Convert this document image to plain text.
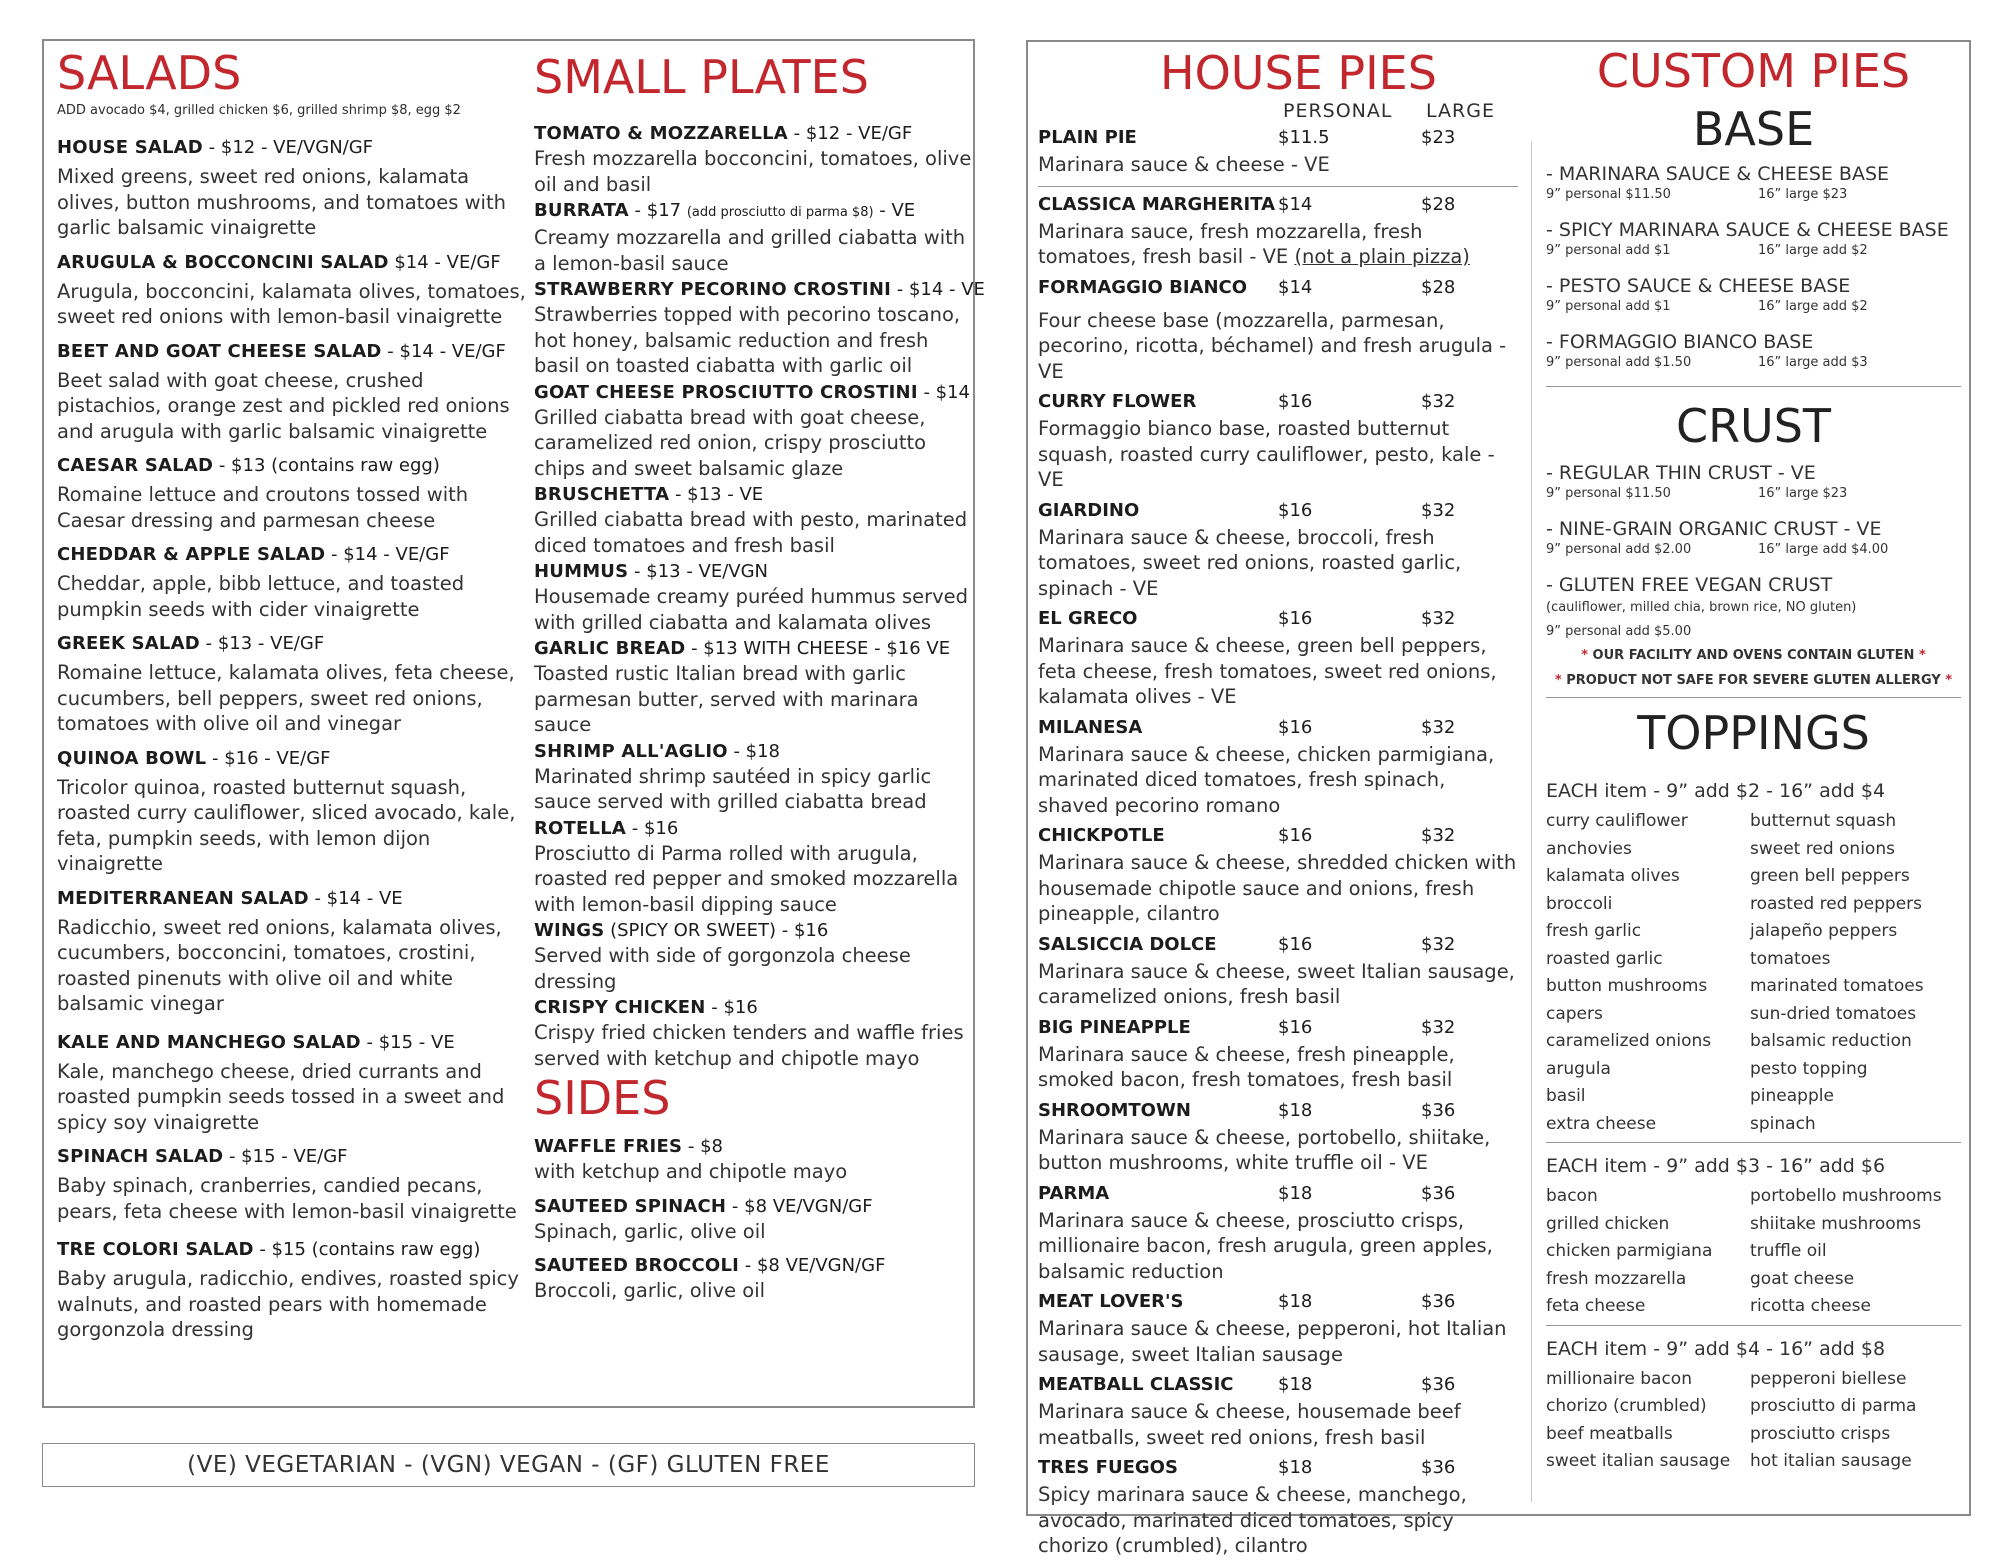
SALADS
ADD avocado $4, grilled chicken $6, grilled shrimp $8, egg $2
HOUSE SALAD - $12 - VE/VGN/GF
Mixed greens, sweet red onions, kalamata olives, button mushrooms, and tomatoes with garlic balsamic vinaigrette
ARUGULA & BOCCONCINI SALAD $14 - VE/GF
Arugula, bocconcini, kalamata olives, tomatoes, sweet red onions with lemon-basil vinaigrette
BEET AND GOAT CHEESE SALAD - $14 - VE/GF
Beet salad with goat cheese, crushed pistachios, orange zest and pickled red onions and arugula with garlic balsamic vinaigrette
CAESAR SALAD - $13 (contains raw egg)
Romaine lettuce and croutons tossed with Caesar dressing and parmesan cheese
CHEDDAR & APPLE SALAD - $14 - VE/GF
Cheddar, apple, bibb lettuce, and toasted pumpkin seeds with cider vinaigrette
GREEK SALAD - $13 - VE/GF
Romaine lettuce, kalamata olives, feta cheese, cucumbers, bell peppers, sweet red onions, tomatoes with olive oil and vinegar
QUINOA BOWL - $16 - VE/GF
Tricolor quinoa, roasted butternut squash, roasted curry cauliflower, sliced avocado, kale, feta, pumpkin seeds, with lemon dijon vinaigrette
MEDITERRANEAN SALAD - $14 - VE
Radicchio, sweet red onions, kalamata olives, cucumbers, bocconcini, tomatoes, crostini, roasted pinenuts with olive oil and white balsamic vinegar
KALE AND MANCHEGO SALAD - $15 - VE
Kale, manchego cheese, dried currants and roasted pumpkin seeds tossed in a sweet and spicy soy vinaigrette
SPINACH SALAD - $15 - VE/GF
Baby spinach, cranberries, candied pecans, pears, feta cheese with lemon-basil vinaigrette
TRE COLORI SALAD - $15 (contains raw egg)
Baby arugula, radicchio, endives, roasted spicy walnuts, and roasted pears with homemade gorgonzola dressing
SMALL PLATES
TOMATO & MOZZARELLA - $12 - VE/GF
Fresh mozzarella bocconcini, tomatoes, olive oil and basil
BURRATA - $17 (add prosciutto di parma $8) - VE
Creamy mozzarella and grilled ciabatta with a lemon-basil sauce
STRAWBERRY PECORINO CROSTINI - $14 - VE
Strawberries topped with pecorino toscano, hot honey, balsamic reduction and fresh basil on toasted ciabatta with garlic oil
GOAT CHEESE PROSCIUTTO CROSTINI - $14
Grilled ciabatta bread with goat cheese, caramelized red onion, crispy prosciutto chips and sweet balsamic glaze
BRUSCHETTA - $13 - VE
Grilled ciabatta bread with pesto, marinated diced tomatoes and fresh basil
HUMMUS - $13 - VE/VGN
Housemade creamy puréed hummus served with grilled ciabatta and kalamata olives
GARLIC BREAD - $13 WITH CHEESE - $16 VE
Toasted rustic Italian bread with garlic parmesan butter, served with marinara sauce
SHRIMP ALL'AGLIO - $18
Marinated shrimp sautéed in spicy garlic sauce served with grilled ciabatta bread
ROTELLA - $16
Prosciutto di Parma rolled with arugula, roasted red pepper and smoked mozzarella with lemon-basil dipping sauce
WINGS (SPICY OR SWEET) - $16
Served with side of gorgonzola cheese dressing
CRISPY CHICKEN - $16
Crispy fried chicken tenders and waffle fries served with ketchup and chipotle mayo
SIDES
WAFFLE FRIES - $8
with ketchup and chipotle mayo
SAUTEED SPINACH - $8 VE/VGN/GF
Spinach, garlic, olive oil
SAUTEED BROCCOLI - $8 VE/VGN/GF
Broccoli, garlic, olive oil
(VE) VEGETARIAN - (VGN) VEGAN - (GF) GLUTEN FREE
HOUSE PIES
PERSONAL	LARGE
PLAIN PIE	$11.5	$23
Marinara sauce & cheese - VE
CLASSICA MARGHERITA $14	$28
Marinara sauce, fresh mozzarella, fresh tomatoes, fresh basil - VE (not a plain pizza)
FORMAGGIO BIANCO	$14	$28
Four cheese base (mozzarella, parmesan, pecorino, ricotta, béchamel) and fresh arugula - VE
CURRY FLOWER	$16	$32
Formaggio bianco base, roasted butternut squash, roasted curry cauliflower, pesto, kale -VE
GIARDINO	$16	$32
Marinara sauce & cheese, broccoli, fresh tomatoes, sweet red onions, roasted garlic, spinach - VE
EL GRECO	$16	$32
Marinara sauce & cheese, green bell peppers, feta cheese, fresh tomatoes, sweet red onions, kalamata olives - VE
MILANESA	$16	$32
Marinara sauce & cheese, chicken parmigiana, marinated diced tomatoes, fresh spinach, shaved pecorino romano
CHICKPOTLE	$16	$32
Marinara sauce & cheese, shredded chicken with housemade chipotle sauce and onions, fresh pineapple, cilantro
SALSICCIA DOLCE	$16	$32
Marinara sauce & cheese, sweet Italian sausage, caramelized onions, fresh basil
BIG PINEAPPLE	$16	$32
Marinara sauce & cheese, fresh pineapple, smoked bacon, fresh tomatoes, fresh basil
SHROOMTOWN	$18	$36
Marinara sauce & cheese, portobello, shiitake, button mushrooms, white truffle oil - VE
PARMA	$18	$36
Marinara sauce & cheese, prosciutto crisps, millionaire bacon, fresh arugula, green apples, balsamic reduction
MEAT LOVER'S	$18	$36
Marinara sauce & cheese, pepperoni, hot Italian sausage, sweet Italian sausage
MEATBALL CLASSIC	$18	$36
Marinara sauce & cheese, housemade beef meatballs, sweet red onions, fresh basil
TRES FUEGOS	$18	$36
Spicy marinara sauce & cheese, manchego, avocado, marinated diced tomatoes, spicy chorizo (crumbled), cilantro
CUSTOM PIES
BASE
- MARINARA SAUCE & CHEESE BASE
9” personal $11.50	16” large $23
- SPICY MARINARA SAUCE & CHEESE BASE
9” personal add $1	16” large add $2
- PESTO SAUCE & CHEESE BASE
9” personal add $1	16” large add $2
- FORMAGGIO BIANCO BASE
9” personal add $1.50	16” large add $3
CRUST
- REGULAR THIN CRUST - VE
9” personal $11.50	16” large $23
- NINE-GRAIN ORGANIC CRUST - VE
9” personal add $2.00	16” large add $4.00
- GLUTEN FREE VEGAN CRUST
(cauliflower, milled chia, brown rice, NO gluten)
9” personal add $5.00
* OUR FACILITY AND OVENS CONTAIN GLUTEN *
* PRODUCT NOT SAFE FOR SEVERE GLUTEN ALLERGY *
TOPPINGS
EACH item - 9” add $2 - 16” add $4
curry cauliflower	butternut squash
anchovies	sweet red onions
kalamata olives	green bell peppers
broccoli	roasted red peppers
fresh garlic	jalapeño peppers
roasted garlic	tomatoes
button mushrooms	marinated tomatoes
capers	sun-dried tomatoes
caramelized onions	balsamic reduction
arugula	pesto topping
basil	pineapple
extra cheese	spinach
EACH item - 9” add $3 - 16” add $6
bacon	portobello mushrooms
grilled chicken	shiitake mushrooms
chicken parmigiana	truffle oil
fresh mozzarella	goat cheese
feta cheese	ricotta cheese
EACH item - 9” add $4 - 16” add $8
millionaire bacon	pepperoni biellese
chorizo (crumbled)	prosciutto di parma
beef meatballs	prosciutto crisps
sweet italian sausage	hot italian sausage
